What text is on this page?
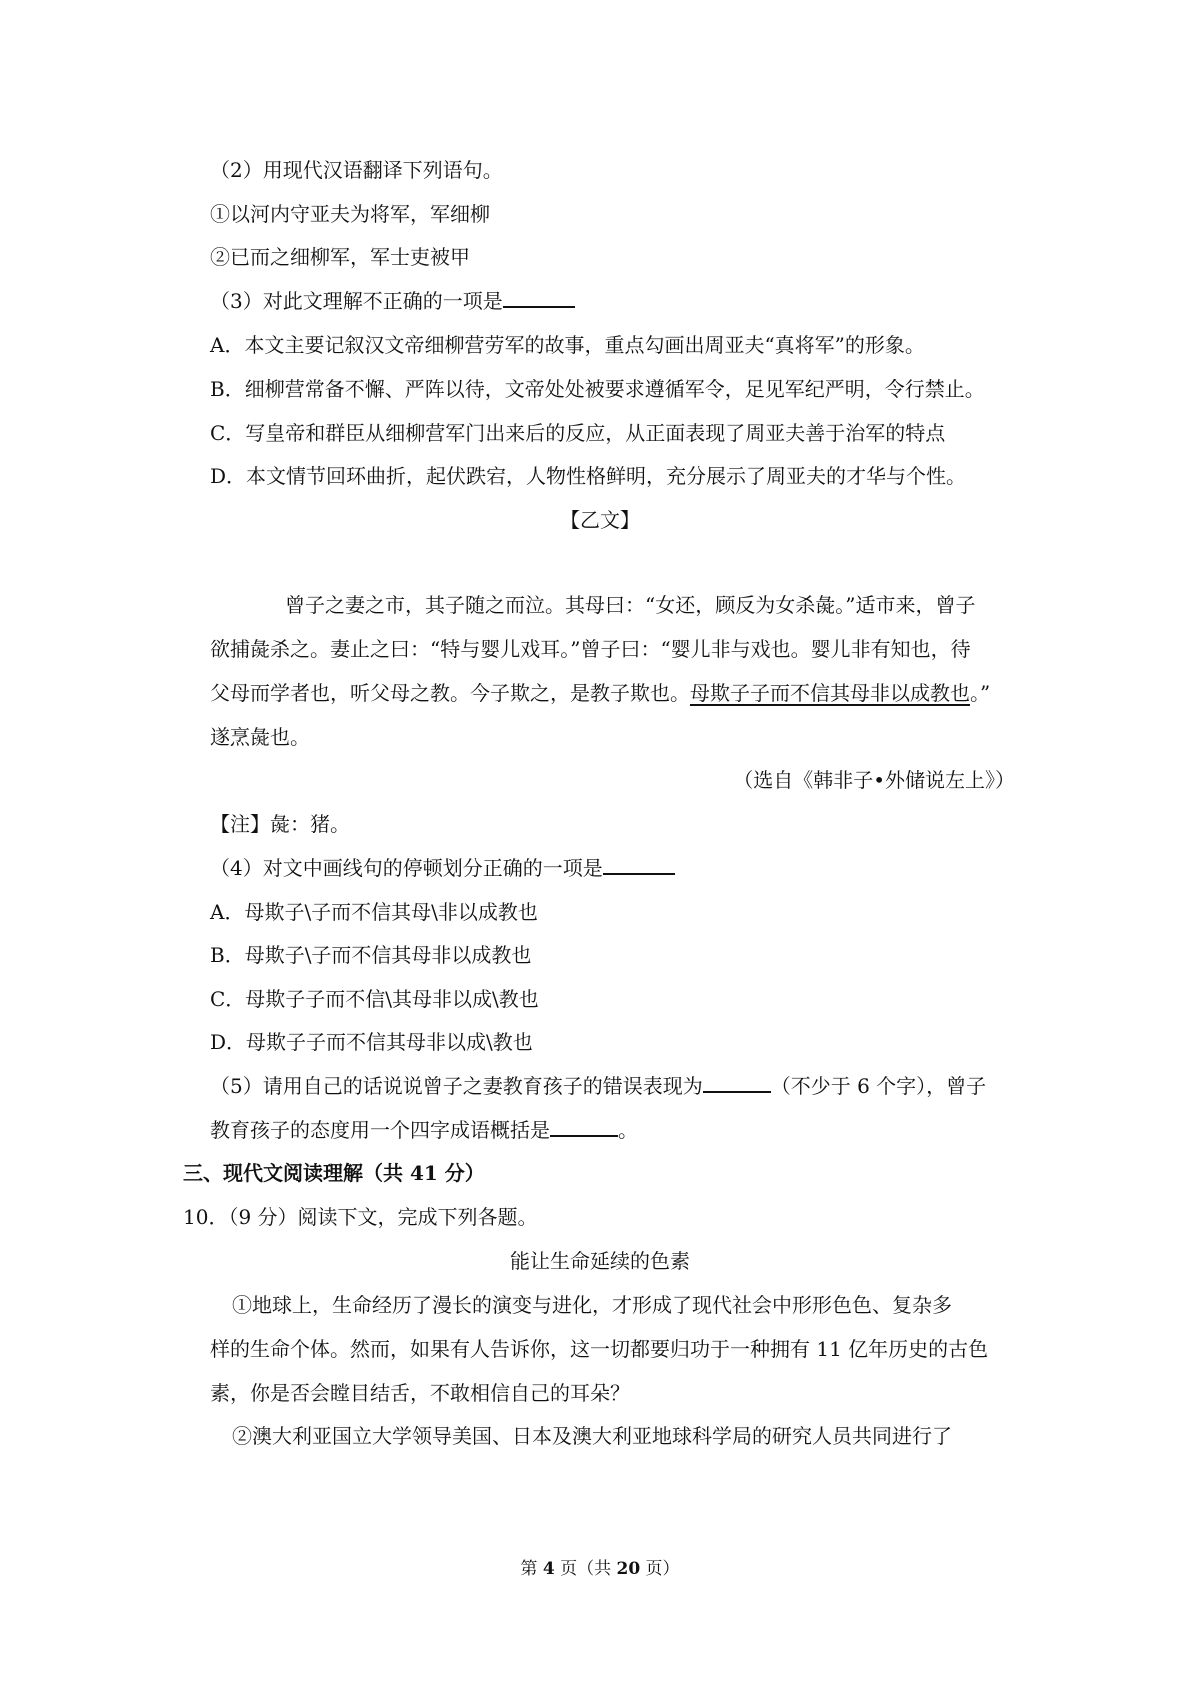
（2）用现代汉语翻译下列语句。
①以河内守亚夫为将军，军细柳
②已而之细柳军，军士吏被甲
（3）对此文理解不正确的一项是
A．本文主要记叙汉文帝细柳营劳军的故事，重点勾画出周亚夫“真将军”的形象。
B．细柳营常备不懈、严阵以待，文帝处处被要求遵循军令，足见军纪严明，令行禁止。
C．写皇帝和群臣从细柳营军门出来后的反应，从正面表现了周亚夫善于治军的特点
D．本文情节回环曲折，起伏跌宕，人物性格鲜明，充分展示了周亚夫的才华与个性。
【乙文】
曾子之妻之市，其子随之而泣。其母曰：“女还，顾反为女杀彘。”适市来，曾子
欲捕彘杀之。妻止之曰：“特与婴儿戏耳。”曾子曰：“婴儿非与戏也。婴儿非有知也，待
父母而学者也，听父母之教。今子欺之，是教子欺也。母欺子子而不信其母非以成教也。”
遂烹彘也。
（选自《韩非子•外储说左上》）
【注】彘：猪。
（4）对文中画线句的停顿划分正确的一项是
A．母欺子\子而不信其母\非以成教也
B．母欺子\子而不信其母非以成教也
C．母欺子子而不信\其母非以成\教也
D．母欺子子而不信其母非以成\教也
（5）请用自己的话说说曾子之妻教育孩子的错误表现为	（不少于 6 个字），曾子
教育孩子的态度用一个四字成语概括是	。
三、现代文阅读理解（共 41 分）
10．（9 分）阅读下文，完成下列各题。
能让生命延续的色素
①地球上，生命经历了漫长的演变与进化，才形成了现代社会中形形色色、复杂多
样的生命个体。然而，如果有人告诉你，这一切都要归功于一种拥有 11 亿年历史的古色
素，你是否会瞠目结舌，不敢相信自己的耳朵？
②澳大利亚国立大学领导美国、日本及澳大利亚地球科学局的研究人员共同进行了
第 4 页（共 20 页）
